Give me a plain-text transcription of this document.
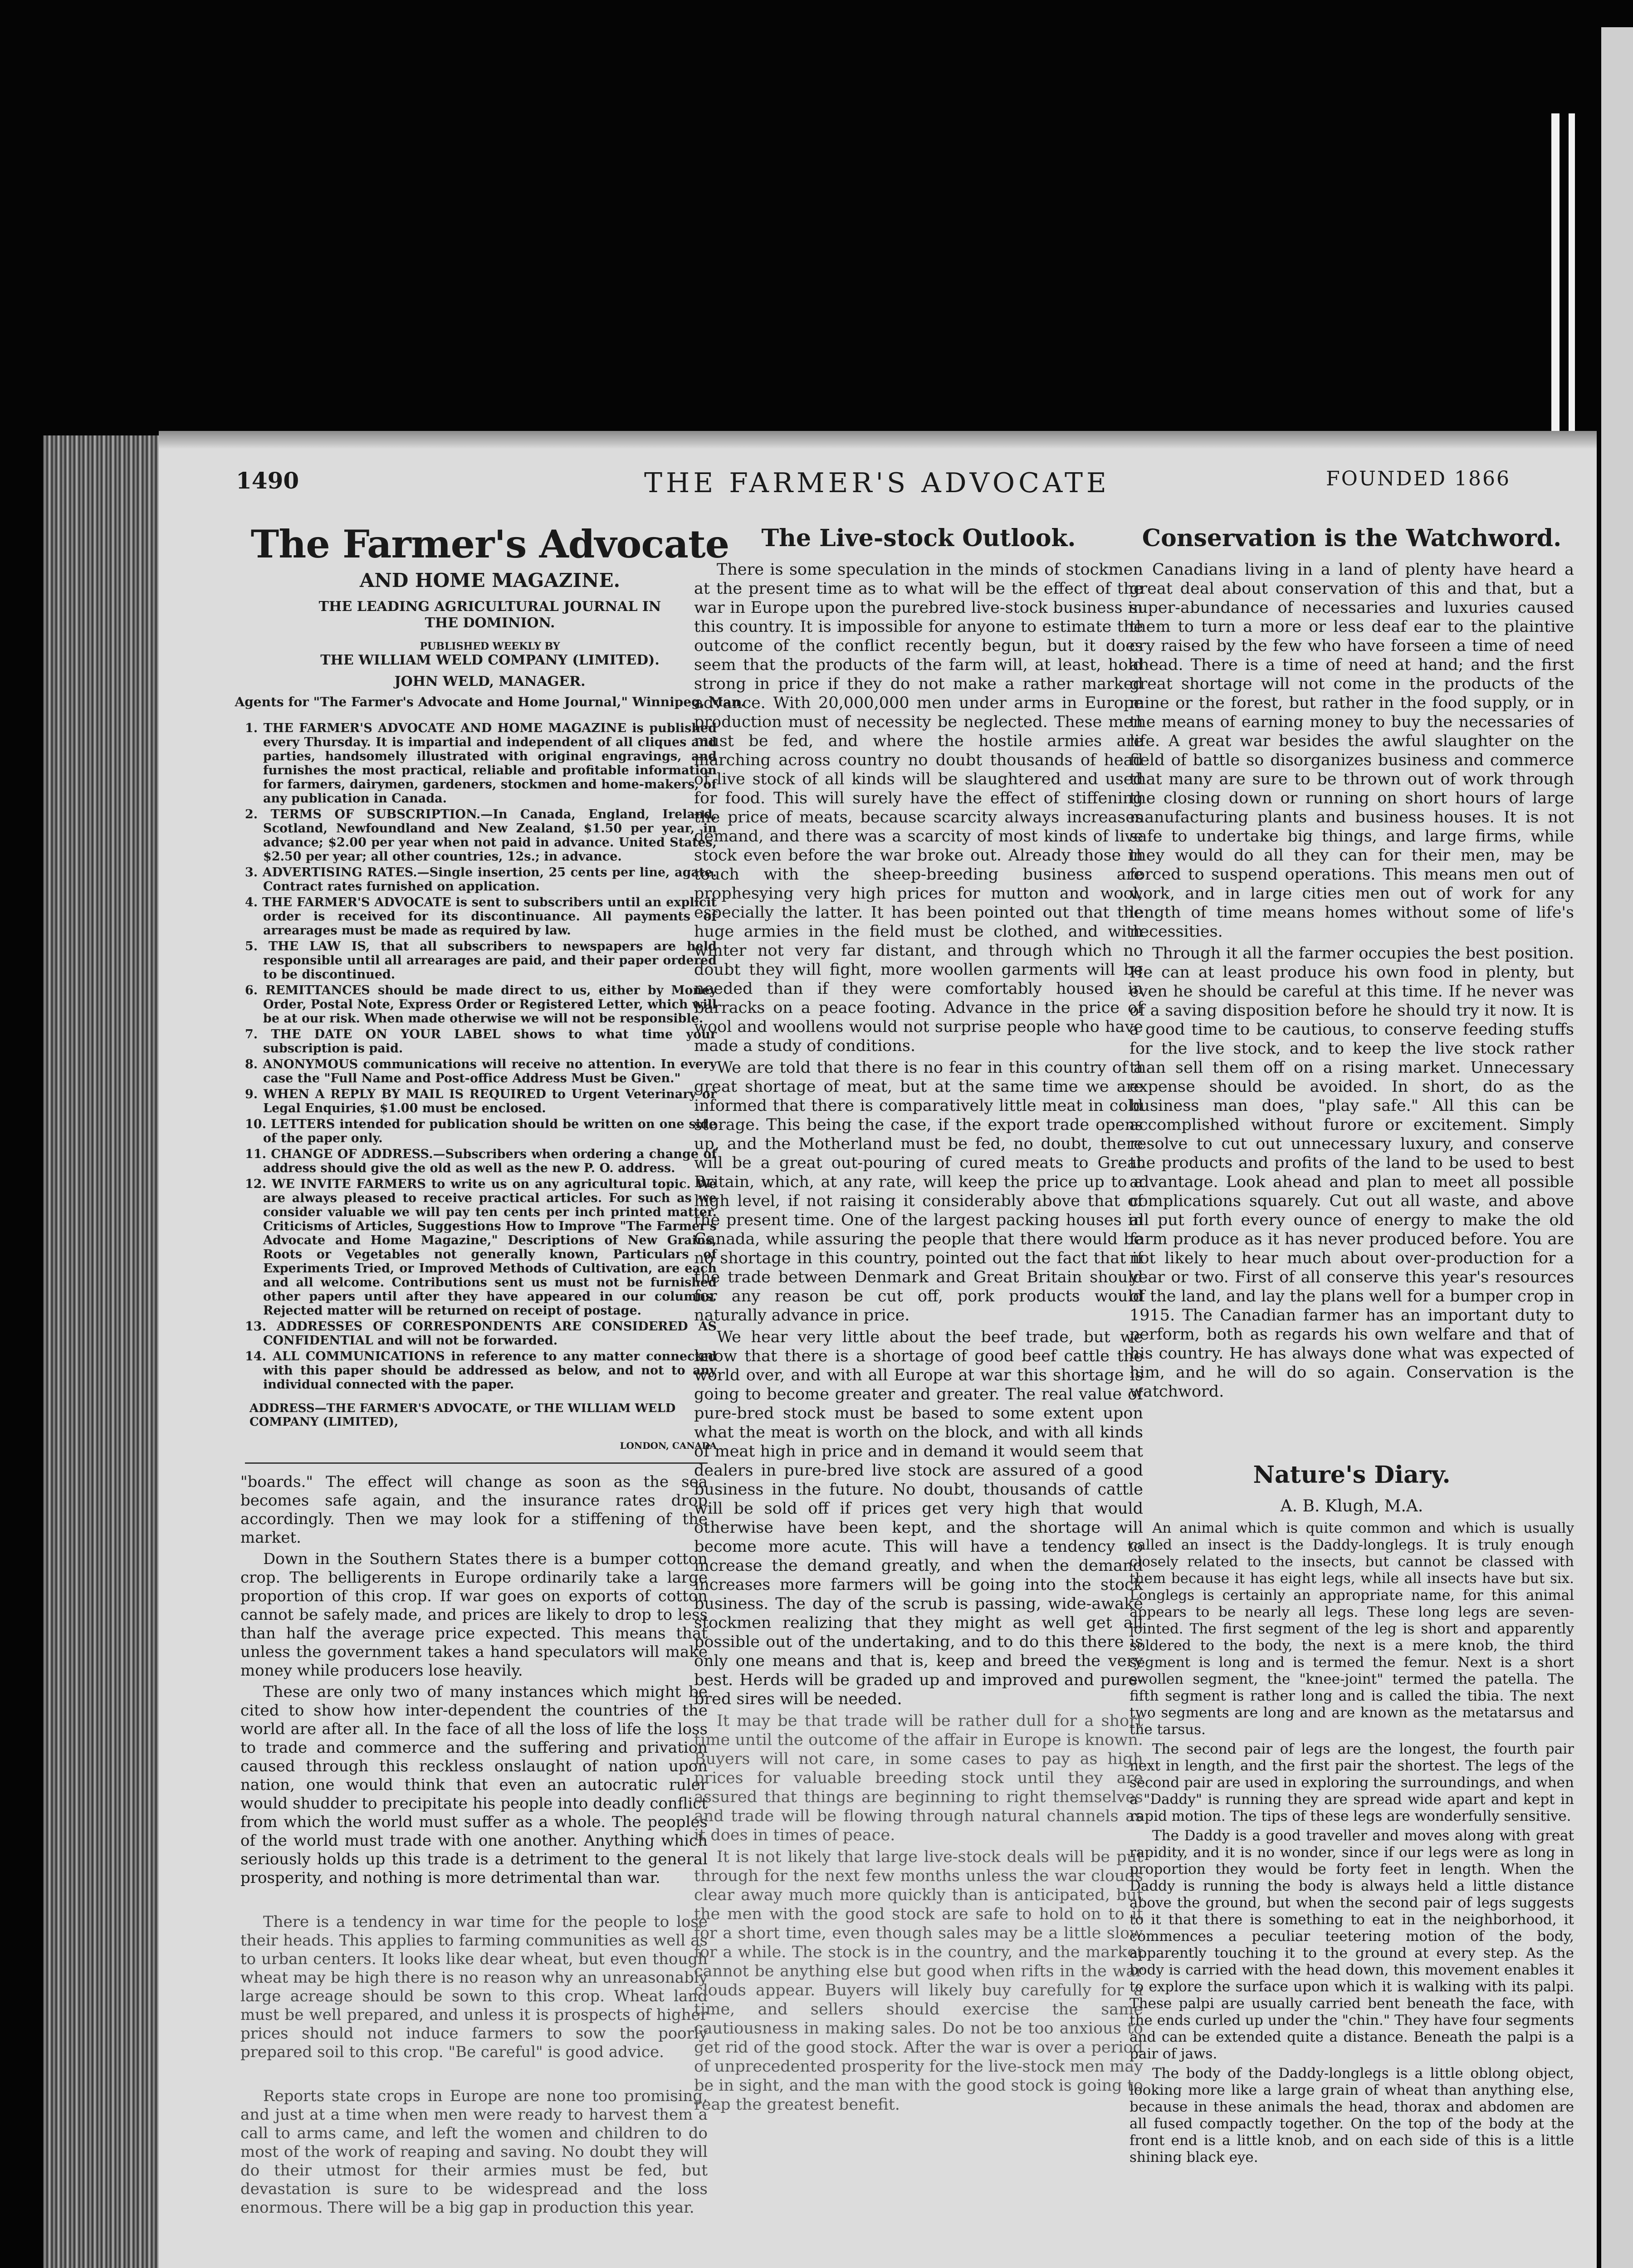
1490	THE FARMER'S ADVOCATE	FOUNDED 1866
The Farmer's Advocate
AND HOME MAGAZINE.
THE LEADING AGRICULTURAL JOURNAL IN THE DOMINION.
PUBLISHED WEEKLY BY
THE WILLIAM WELD COMPANY (LIMITED).
JOHN WELD, MANAGER.
Agents for "The Farmer's Advocate and Home Journal," Winnipeg, Man.
1. THE FARMER'S ADVOCATE AND HOME MAGAZINE is published every Thursday. It is impartial and independent of all cliques and parties, handsomely illustrated with original engravings, and furnishes the most practical, reliable and profitable information for farmers, dairymen, gardeners, stockmen and home-makers, of any publication in Canada.
2. TERMS OF SUBSCRIPTION.—In Canada, England, Ireland, Scotland, Newfoundland and New Zealand, $1.50 per year, in advance; $2.00 per year when not paid in advance. United States, $2.50 per year; all other countries, 12s.; in advance.
3. ADVERTISING RATES.—Single insertion, 25 cents per line, agate. Contract rates furnished on application.
4. THE FARMER'S ADVOCATE is sent to subscribers until an explicit order is received for its discontinuance. All payments of arrearages must be made as required by law.
5. THE LAW IS, that all subscribers to newspapers are held responsible until all arrearages are paid, and their paper ordered to be discontinued.
6. REMITTANCES should be made direct to us, either by Money Order, Postal Note, Express Order or Registered Letter, which will be at our risk. When made otherwise we will not be responsible.
7. THE DATE ON YOUR LABEL shows to what time your subscription is paid.
8. ANONYMOUS communications will receive no attention. In every case the "Full Name and Post-office Address Must be Given."
9. WHEN A REPLY BY MAIL IS REQUIRED to Urgent Veterinary or Legal Enquiries, $1.00 must be enclosed.
10. LETTERS intended for publication should be written on one side of the paper only.
11. CHANGE OF ADDRESS.—Subscribers when ordering a change of address should give the old as well as the new P. O. address.
12. WE INVITE FARMERS to write us on any agricultural topic. We are always pleased to receive practical articles. For such as we consider valuable we will pay ten cents per inch printed matter. Criticisms of Articles, Suggestions How to Improve "The Farmer's Advocate and Home Magazine," Descriptions of New Grains, Roots or Vegetables not generally known, Particulars of Experiments Tried, or Improved Methods of Cultivation, are each and all welcome. Contributions sent us must not be furnished other papers until after they have appeared in our columns. Rejected matter will be returned on receipt of postage.
13. ADDRESSES OF CORRESPONDENTS ARE CONSIDERED AS CONFIDENTIAL and will not be forwarded.
14. ALL COMMUNICATIONS in reference to any matter connected with this paper should be addressed as below, and not to any individual connected with the paper.
ADDRESS—THE FARMER'S ADVOCATE, or THE WILLIAM WELD COMPANY (LIMITED),
LONDON, CANADA

"boards." The effect will change as soon as the sea becomes safe again, and the insurance rates drop accordingly. Then we may look for a stiffening of the market.

Down in the Southern States there is a bumper cotton crop. The belligerents in Europe ordinarily take a large proportion of this crop. If war goes on exports of cotton cannot be safely made, and prices are likely to drop to less than half the average price expected. This means that unless the government takes a hand speculators will make money while producers lose heavily.

These are only two of many instances which might be cited to show how inter-dependent the countries of the world are after all. In the face of all the loss of life the loss to trade and commerce and the suffering and privation caused through this reckless onslaught of nation upon nation, one would think that even an autocratic ruler would shudder to precipitate his people into deadly conflict from which the world must suffer as a whole. The peoples of the world must trade with one another. Anything which seriously holds up this trade is a detriment to the general prosperity, and nothing is more detrimental than war.

There is a tendency in war time for the people to lose their heads. This applies to farming communities as well as to urban centers. It looks like dear wheat, but even though wheat may be high there is no reason why an unreasonably large acreage should be sown to this crop. Wheat land must be well prepared, and unless it is prospects of higher prices should not induce farmers to sow the poorly prepared soil to this crop. "Be careful" is good advice.

Reports state crops in Europe are none too promising, and just at a time when men were ready to harvest them a call to arms came, and left the women and children to do most of the work of reaping and saving. No doubt they will do their utmost for their armies must be fed, but devastation is sure to be widespread and the loss enormous. There will be a big gap in production this year.

The Live-stock Outlook.

There is some speculation in the minds of stockmen at the present time as to what will be the effect of the war in Europe upon the purebred live-stock business in this country. It is impossible for anyone to estimate the outcome of the conflict recently begun, but it does seem that the products of the farm will, at least, hold strong in price if they do not make a rather marked advance. With 20,000,000 men under arms in Europe production must of necessity be neglected. These men must be fed, and where the hostile armies are marching across country no doubt thousands of head of live stock of all kinds will be slaughtered and used for food. This will surely have the effect of stiffening the price of meats, because scarcity always increases demand, and there was a scarcity of most kinds of live stock even before the war broke out. Already those in touch with the sheep-breeding business are prophesying very high prices for mutton and wool, especially the latter. It has been pointed out that the huge armies in the field must be clothed, and with winter not very far distant, and through which no doubt they will fight, more woollen garments will be needed than if they were comfortably housed in barracks on a peace footing. Advance in the price of wool and woollens would not surprise people who have made a study of conditions.

We are told that there is no fear in this country of a great shortage of meat, but at the same time we are informed that there is comparatively little meat in cold storage. This being the case, if the export trade opens up, and the Motherland must be fed, no doubt, there will be a great out-pouring of cured meats to Great Britain, which, at any rate, will keep the price up to a high level, if not raising it considerably above that of the present time. One of the largest packing houses in Canada, while assuring the people that there would be no shortage in this country, pointed out the fact that if the trade between Denmark and Great Britain should for any reason be cut off, pork products would naturally advance in price.

We hear very little about the beef trade, but we know that there is a shortage of good beef cattle the world over, and with all Europe at war this shortage is going to become greater and greater. The real value of pure-bred stock must be based to some extent upon what the meat is worth on the block, and with all kinds of meat high in price and in demand it would seem that dealers in pure-bred live stock are assured of a good business in the future. No doubt, thousands of cattle will be sold off if prices get very high that would otherwise have been kept, and the shortage will become more acute. This will have a tendency to increase the demand greatly, and when the demand increases more farmers will be going into the stock business. The day of the scrub is passing, wide-awake stockmen realizing that they might as well get all possible out of the undertaking, and to do this there is only one means and that is, keep and breed the very best. Herds will be graded up and improved and pure-bred sires will be needed.

It may be that trade will be rather dull for a short time until the outcome of the affair in Europe is known. Buyers will not care, in some cases to pay as high prices for valuable breeding stock until they are assured that things are beginning to right themselves and trade will be flowing through natural channels as it does in times of peace.

It is not likely that large live-stock deals will be put through for the next few months unless the war clouds clear away much more quickly than is anticipated, but the men with the good stock are safe to hold on to it for a short time, even though sales may be a little slow for a while. The stock is in the country, and the market cannot be anything else but good when rifts in the war clouds appear. Buyers will likely buy carefully for a time, and sellers should exercise the same cautiousness in making sales. Do not be too anxious to get rid of the good stock. After the war is over a period of unprecedented prosperity for the live-stock men may be in sight, and the man with the good stock is going to reap the greatest benefit.

Conservation is the Watchword.

Canadians living in a land of plenty have heard a great deal about conservation of this and that, but a super-abundance of necessaries and luxuries caused them to turn a more or less deaf ear to the plaintive cry raised by the few who have forseen a time of need ahead. There is a time of need at hand; and the first great shortage will not come in the products of the mine or the forest, but rather in the food supply, or in the means of earning money to buy the necessaries of life. A great war besides the awful slaughter on the field of battle so disorganizes business and commerce that many are sure to be thrown out of work through the closing down or running on short hours of large manufacturing plants and business houses. It is not safe to undertake big things, and large firms, while they would do all they can for their men, may be forced to suspend operations. This means men out of work, and in large cities men out of work for any length of time means homes without some of life's necessities.

Through it all the farmer occupies the best position. He can at least produce his own food in plenty, but even he should be careful at this time. If he never was of a saving disposition before he should try it now. It is a good time to be cautious, to conserve feeding stuffs for the live stock, and to keep the live stock rather than sell them off on a rising market. Unnecessary expense should be avoided. In short, do as the business man does, "play safe." All this can be accomplished without furore or excitement. Simply resolve to cut out unnecessary luxury, and conserve the products and profits of the land to be used to best advantage. Look ahead and plan to meet all possible complications squarely. Cut out all waste, and above all put forth every ounce of energy to make the old farm produce as it has never produced before. You are not likely to hear much about over-production for a year or two. First of all conserve this year's resources of the land, and lay the plans well for a bumper crop in 1915. The Canadian farmer has an important duty to perform, both as regards his own welfare and that of his country. He has always done what was expected of him, and he will do so again. Conservation is the watchword.

Nature's Diary.
A. B. Klugh, M.A.

An animal which is quite common and which is usually called an insect is the Daddy-longlegs. It is truly enough closely related to the insects, but cannot be classed with them because it has eight legs, while all insects have but six. Longlegs is certainly an appropriate name, for this animal appears to be nearly all legs. These long legs are seven-jointed. The first segment of the leg is short and apparently soldered to the body, the next is a mere knob, the third segment is long and is termed the femur. Next is a short swollen segment, the "knee-joint" termed the patella. The fifth segment is rather long and is called the tibia. The next two segments are long and are known as the metatarsus and the tarsus.

The second pair of legs are the longest, the fourth pair next in length, and the first pair the shortest. The legs of the second pair are used in exploring the surroundings, and when a "Daddy" is running they are spread wide apart and kept in rapid motion. The tips of these legs are wonderfully sensitive.

The Daddy is a good traveller and moves along with great rapidity, and it is no wonder, since if our legs were as long in proportion they would be forty feet in length. When the Daddy is running the body is always held a little distance above the ground, but when the second pair of legs suggests to it that there is something to eat in the neighborhood, it commences a peculiar teetering motion of the body, apparently touching it to the ground at every step. As the body is carried with the head down, this movement enables it to explore the surface upon which it is walking with its palpi. These palpi are usually carried bent beneath the face, with the ends curled up under the "chin." They have four segments and can be extended quite a distance. Beneath the palpi is a pair of jaws.

The body of the Daddy-longlegs is a little oblong object, looking more like a large grain of wheat than anything else, because in these animals the head, thorax and abdomen are all fused compactly together. On the top of the body at the front end is a little knob, and on each side of this is a little shining black eye.
